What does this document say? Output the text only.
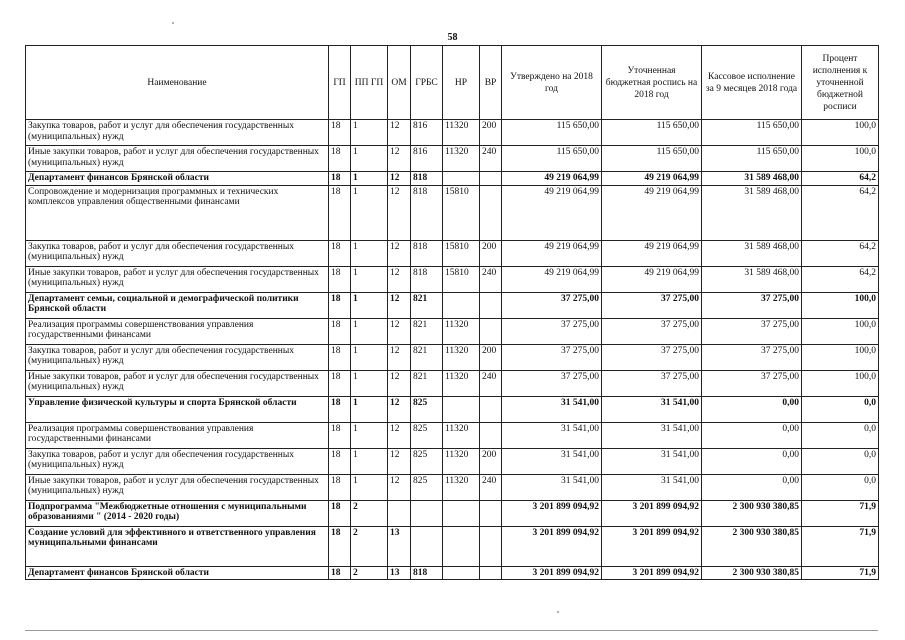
58
Наименование	ГП	ПП ГП	ОМ	ГРБС	НР	ВР	Утверждено на 2018 год	Уточненная бюджетная роспись на 2018 год	Кассовое исполнение за 9 месяцев 2018 года	Процент исполнения к уточненной бюджетной росписи
Закупка товаров, работ и услуг для обеспечения государственных (муниципальных) нужд	18	1	12	816	11320	200	115 650,00	115 650,00	115 650,00	100,0
Иные закупки товаров, работ и услуг для обеспечения государственных (муниципальных) нужд	18	1	12	816	11320	240	115 650,00	115 650,00	115 650,00	100,0
Департамент финансов Брянской области	18	1	12	818			49 219 064,99	49 219 064,99	31 589 468,00	64,2
Сопровождение и модернизация программных и технических комплексов управления общественными финансами	18	1	12	818	15810		49 219 064,99	49 219 064,99	31 589 468,00	64,2
Закупка товаров, работ и услуг для обеспечения государственных (муниципальных) нужд	18	1	12	818	15810	200	49 219 064,99	49 219 064,99	31 589 468,00	64,2
Иные закупки товаров, работ и услуг для обеспечения государственных (муниципальных) нужд	18	1	12	818	15810	240	49 219 064,99	49 219 064,99	31 589 468,00	64,2
Департамент семьи, социальной и демографической политики Брянской области	18	1	12	821			37 275,00	37 275,00	37 275,00	100,0
Реализация программы совершенствования управления государственными финансами	18	1	12	821	11320		37 275,00	37 275,00	37 275,00	100,0
Закупка товаров, работ и услуг для обеспечения государственных (муниципальных) нужд	18	1	12	821	11320	200	37 275,00	37 275,00	37 275,00	100,0
Иные закупки товаров, работ и услуг для обеспечения государственных (муниципальных) нужд	18	1	12	821	11320	240	37 275,00	37 275,00	37 275,00	100,0
Управление физической культуры и спорта Брянской области	18	1	12	825			31 541,00	31 541,00	0,00	0,0
Реализация программы совершенствования управления государственными финансами	18	1	12	825	11320		31 541,00	31 541,00	0,00	0,0
Закупка товаров, работ и услуг для обеспечения государственных (муниципальных) нужд	18	1	12	825	11320	200	31 541,00	31 541,00	0,00	0,0
Иные закупки товаров, работ и услуг для обеспечения государственных (муниципальных) нужд	18	1	12	825	11320	240	31 541,00	31 541,00	0,00	0,0
Подпрограмма "Межбюджетные отношения с муниципальными образованиями " (2014 - 2020 годы)	18	2					3 201 899 094,92	3 201 899 094,92	2 300 930 380,85	71,9
Создание условий для эффективного и ответственного управления муниципальными финансами	18	2	13				3 201 899 094,92	3 201 899 094,92	2 300 930 380,85	71,9
Департамент финансов Брянской области	18	2	13	818			3 201 899 094,92	3 201 899 094,92	2 300 930 380,85	71,9
